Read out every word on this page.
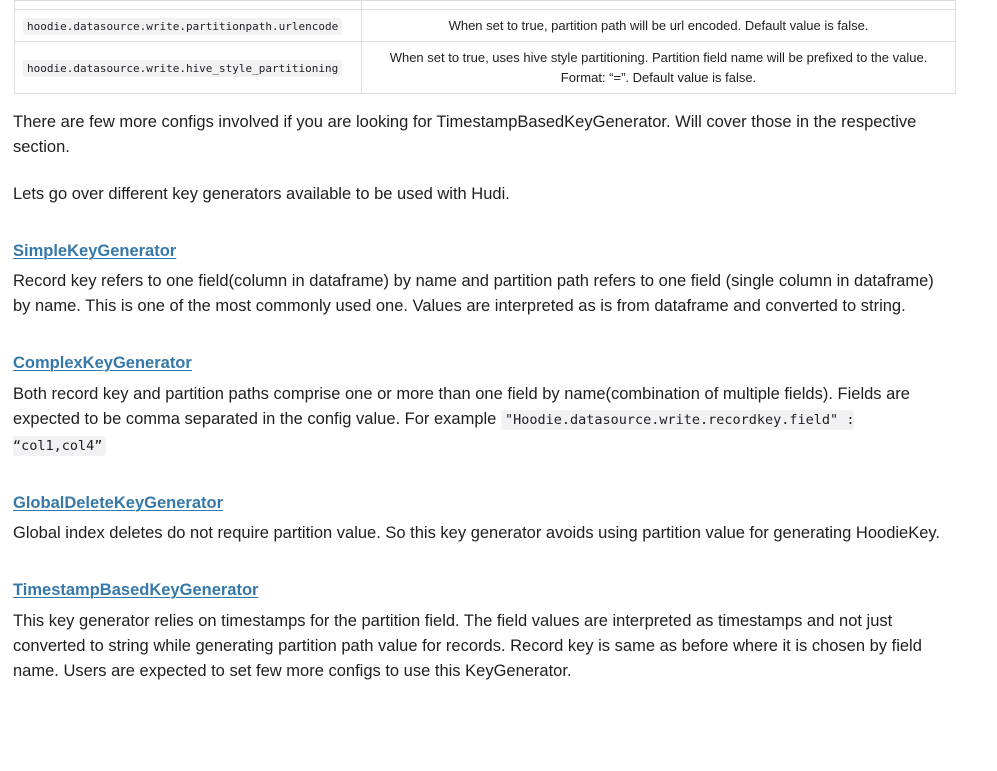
hoodie.datasource.write.partitionpath.urlencode	When set to true, partition path will be url encoded. Default value is false.
hoodie.datasource.write.hive_style_partitioning	When set to true, uses hive style partitioning. Partition field name will be prefixed to the value.
Format: “=”. Default value is false.

There are few more configs involved if you are looking for TimestampBasedKeyGenerator. Will cover those in the respective section.

Lets go over different key generators available to be used with Hudi.

SimpleKeyGenerator

Record key refers to one field(column in dataframe) by name and partition path refers to one field (single column in dataframe) by name. This is one of the most commonly used one. Values are interpreted as is from dataframe and converted to string.

ComplexKeyGenerator

Both record key and partition paths comprise one or more than one field by name(combination of multiple fields). Fields are expected to be comma separated in the config value. For example "Hoodie.datasource.write.recordkey.field" : “col1,col4”

GlobalDeleteKeyGenerator

Global index deletes do not require partition value. So this key generator avoids using partition value for generating HoodieKey.

TimestampBasedKeyGenerator

This key generator relies on timestamps for the partition field. The field values are interpreted as timestamps and not just converted to string while generating partition path value for records. Record key is same as before where it is chosen by field name. Users are expected to set few more configs to use this KeyGenerator.
